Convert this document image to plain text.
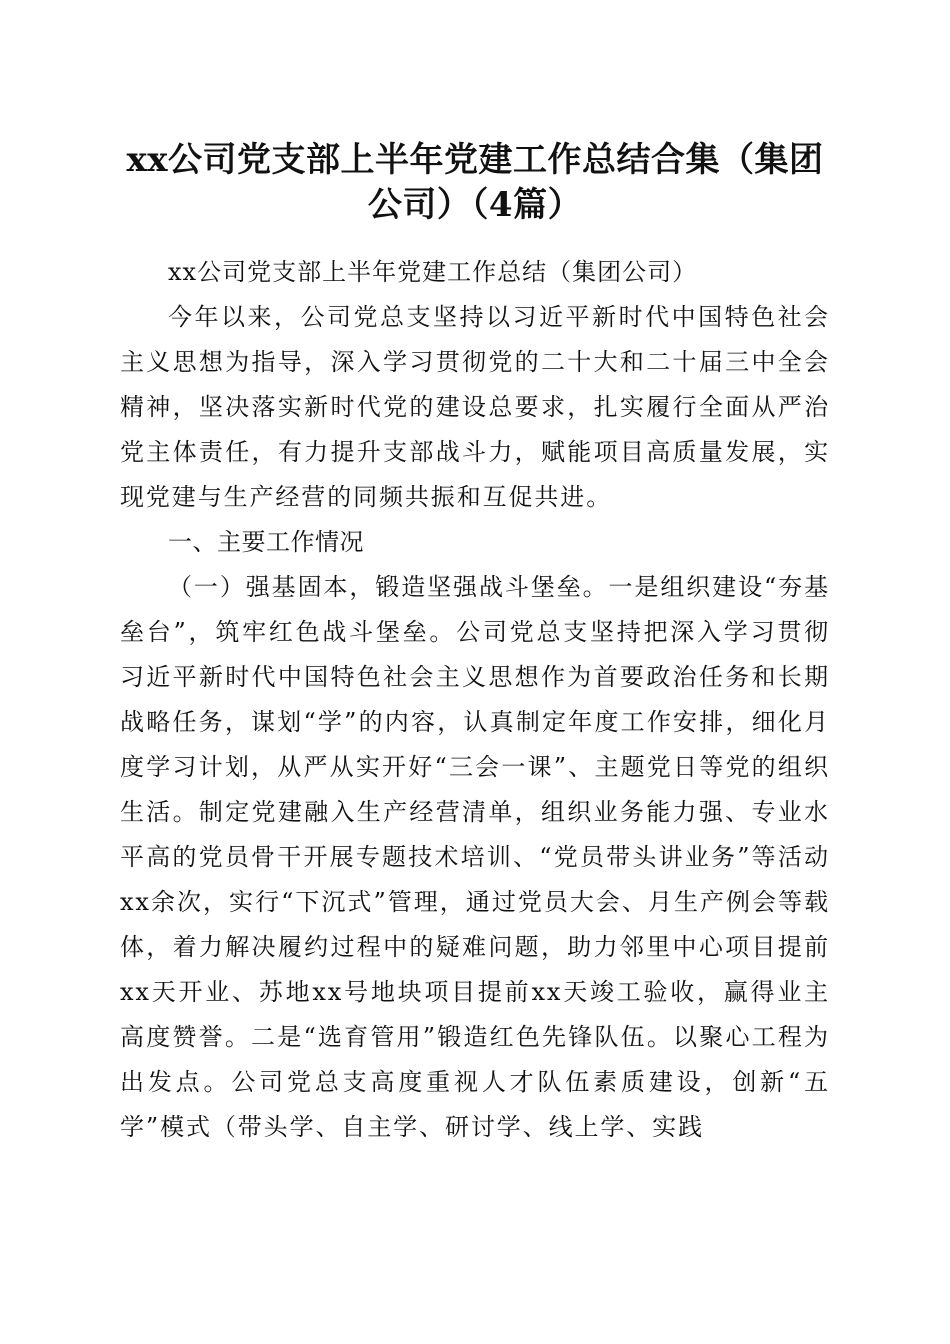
xx公司党支部上半年党建工作总结合集（集团公司）（4篇）

xx公司党支部上半年党建工作总结（集团公司）

今年以来，公司党总支坚持以习近平新时代中国特色社会主义思想为指导，深入学习贯彻党的二十大和二十届三中全会精神，坚决落实新时代党的建设总要求，扎实履行全面从严治党主体责任，有力提升支部战斗力，赋能项目高质量发展，实现党建与生产经营的同频共振和互促共进。

一、主要工作情况

（一）强基固本，锻造坚强战斗堡垒。一是组织建设“夯基垒台”，筑牢红色战斗堡垒。公司党总支坚持把深入学习贯彻习近平新时代中国特色社会主义思想作为首要政治任务和长期战略任务，谋划“学”的内容，认真制定年度工作安排，细化月度学习计划，从严从实开好“三会一课”、主题党日等党的组织生活。制定党建融入生产经营清单，组织业务能力强、专业水平高的党员骨干开展专题技术培训、“党员带头讲业务”等活动xx余次，实行“下沉式”管理，通过党员大会、月生产例会等载体，着力解决履约过程中的疑难问题，助力邻里中心项目提前xx天开业、苏地xx号地块项目提前xx天竣工验收，赢得业主高度赞誉。二是“选育管用”锻造红色先锋队伍。以聚心工程为出发点。公司党总支高度重视人才队伍素质建设，创新“五学”模式（带头学、自主学、研讨学、线上学、实践
